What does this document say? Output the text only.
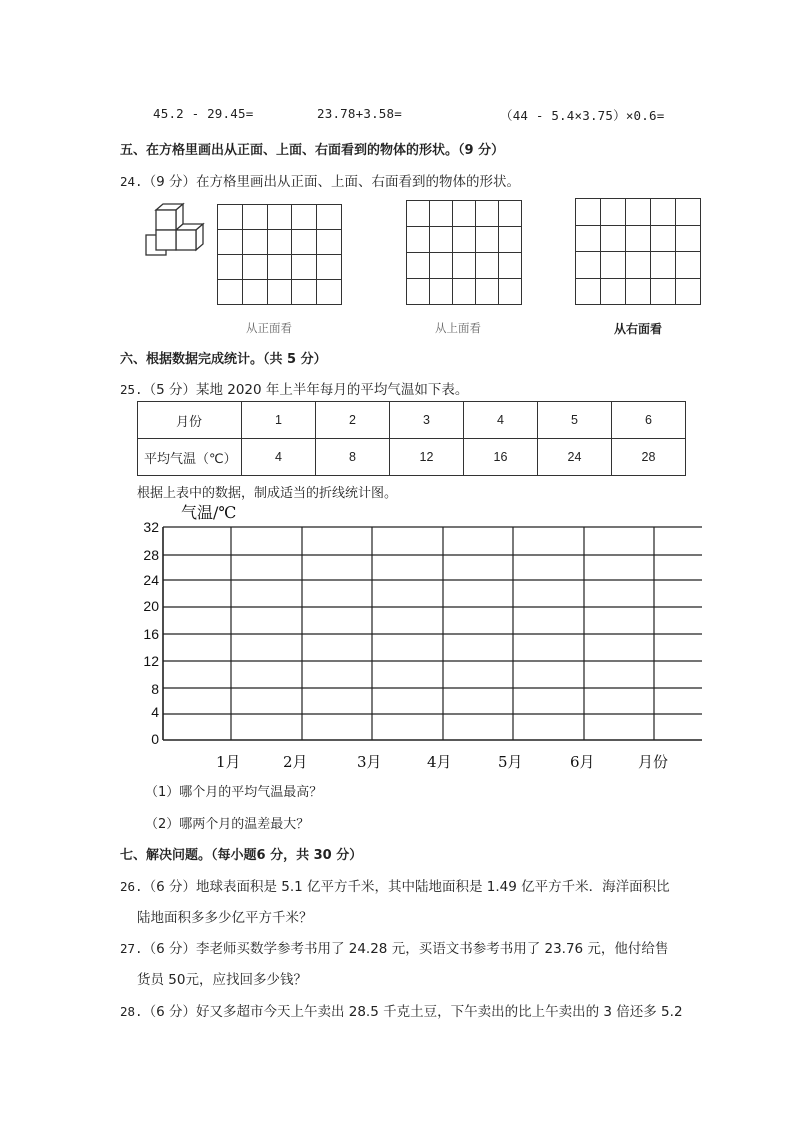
45.2 - 29.45=	23.78+3.58=	（44 - 5.4×3.75）×0.6=
五、在方格里画出从正面、上面、右面看到的物体的形状。（9 分）
24.（9 分）在方格里画出从正面、上面、右面看到的物体的形状。
从正面看	从上面看	从右面看
六、根据数据完成统计。（共 5 分）
25.（5 分）某地 2020 年上半年每月的平均气温如下表。
月份	1	2	3	4	5	6
平均气温（℃）	4	8	12	16	24	28
根据上表中的数据，制成适当的折线统计图。
气温/℃
32
28
24
20
16
12
8
4
0
1月	2月	3月	4月	5月	6月	月份
（1）哪个月的平均气温最高？
（2）哪两个月的温差最大？
七、解决问题。（每小题6 分，共 30 分）
26.（6 分）地球表面积是 5.1 亿平方千米，其中陆地面积是 1.49 亿平方千米．海洋面积比
陆地面积多多少亿平方千米？
27.（6 分）李老师买数学参考书用了 24.28 元，买语文书参考书用了 23.76 元，他付给售
货员 50元，应找回多少钱？
28.（6 分）好又多超市今天上午卖出 28.5 千克土豆，下午卖出的比上午卖出的 3 倍还多 5.2
